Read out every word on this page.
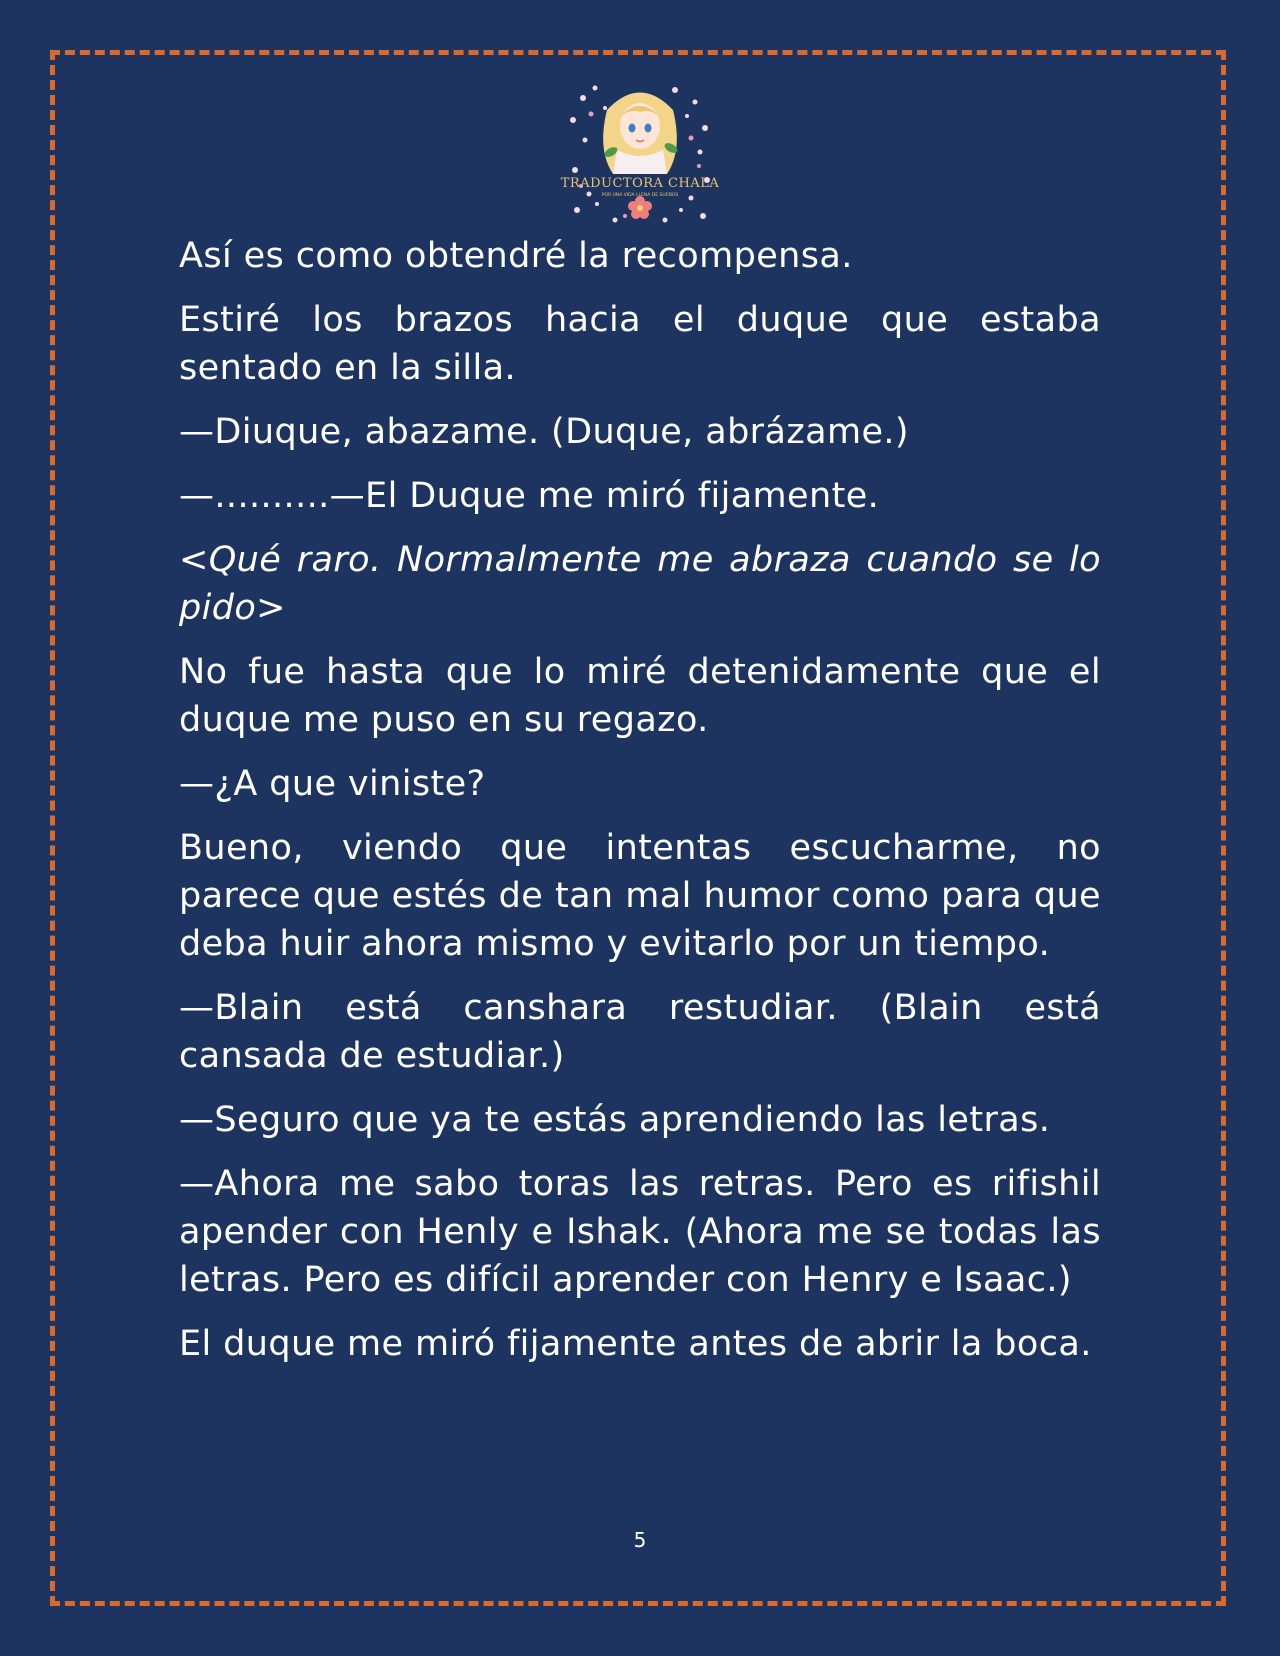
TRADUCTORA CHALA
POR UNA VIDA LLENA DE SUEÑOS

Así es como obtendré la recompensa.

Estiré los brazos hacia el duque que estaba sentado en la silla.

—Diuque, abazame. (Duque, abrázame.)

—..........—El Duque me miró fijamente.

<Qué raro. Normalmente me abraza cuando se lo pido>

No fue hasta que lo miré detenidamente que el duque me puso en su regazo.

—¿A que viniste?

Bueno, viendo que intentas escucharme, no parece que estés de tan mal humor como para que deba huir ahora mismo y evitarlo por un tiempo.

—Blain está canshara restudiar. (Blain está cansada de estudiar.)

—Seguro que ya te estás aprendiendo las letras.

—Ahora me sabo toras las retras. Pero es rifishil apender con Henly e Ishak. (Ahora me se todas las letras. Pero es difícil aprender con Henry e Isaac.)

El duque me miró fijamente antes de abrir la boca.

5
